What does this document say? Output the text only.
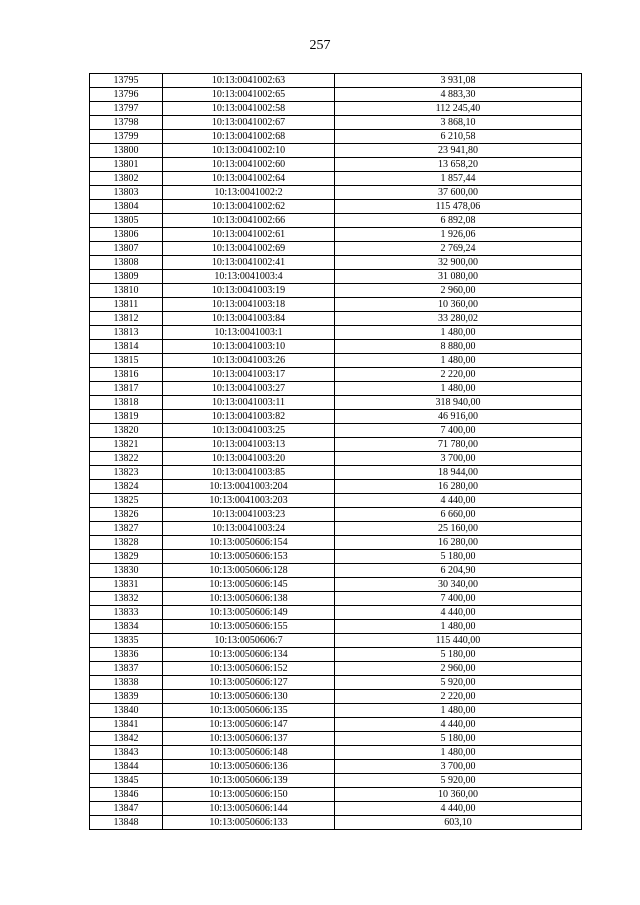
257
13795	10:13:0041002:63	3 931,08
13796	10:13:0041002:65	4 883,30
13797	10:13:0041002:58	112 245,40
13798	10:13:0041002:67	3 868,10
13799	10:13:0041002:68	6 210,58
13800	10:13:0041002:10	23 941,80
13801	10:13:0041002:60	13 658,20
13802	10:13:0041002:64	1 857,44
13803	10:13:0041002:2	37 600,00
13804	10:13:0041002:62	115 478,06
13805	10:13:0041002:66	6 892,08
13806	10:13:0041002:61	1 926,06
13807	10:13:0041002:69	2 769,24
13808	10:13:0041002:41	32 900,00
13809	10:13:0041003:4	31 080,00
13810	10:13:0041003:19	2 960,00
13811	10:13:0041003:18	10 360,00
13812	10:13:0041003:84	33 280,02
13813	10:13:0041003:1	1 480,00
13814	10:13:0041003:10	8 880,00
13815	10:13:0041003:26	1 480,00
13816	10:13:0041003:17	2 220,00
13817	10:13:0041003:27	1 480,00
13818	10:13:0041003:11	318 940,00
13819	10:13:0041003:82	46 916,00
13820	10:13:0041003:25	7 400,00
13821	10:13:0041003:13	71 780,00
13822	10:13:0041003:20	3 700,00
13823	10:13:0041003:85	18 944,00
13824	10:13:0041003:204	16 280,00
13825	10:13:0041003:203	4 440,00
13826	10:13:0041003:23	6 660,00
13827	10:13:0041003:24	25 160,00
13828	10:13:0050606:154	16 280,00
13829	10:13:0050606:153	5 180,00
13830	10:13:0050606:128	6 204,90
13831	10:13:0050606:145	30 340,00
13832	10:13:0050606:138	7 400,00
13833	10:13:0050606:149	4 440,00
13834	10:13:0050606:155	1 480,00
13835	10:13:0050606:7	115 440,00
13836	10:13:0050606:134	5 180,00
13837	10:13:0050606:152	2 960,00
13838	10:13:0050606:127	5 920,00
13839	10:13:0050606:130	2 220,00
13840	10:13:0050606:135	1 480,00
13841	10:13:0050606:147	4 440,00
13842	10:13:0050606:137	5 180,00
13843	10:13:0050606:148	1 480,00
13844	10:13:0050606:136	3 700,00
13845	10:13:0050606:139	5 920,00
13846	10:13:0050606:150	10 360,00
13847	10:13:0050606:144	4 440,00
13848	10:13:0050606:133	603,10
